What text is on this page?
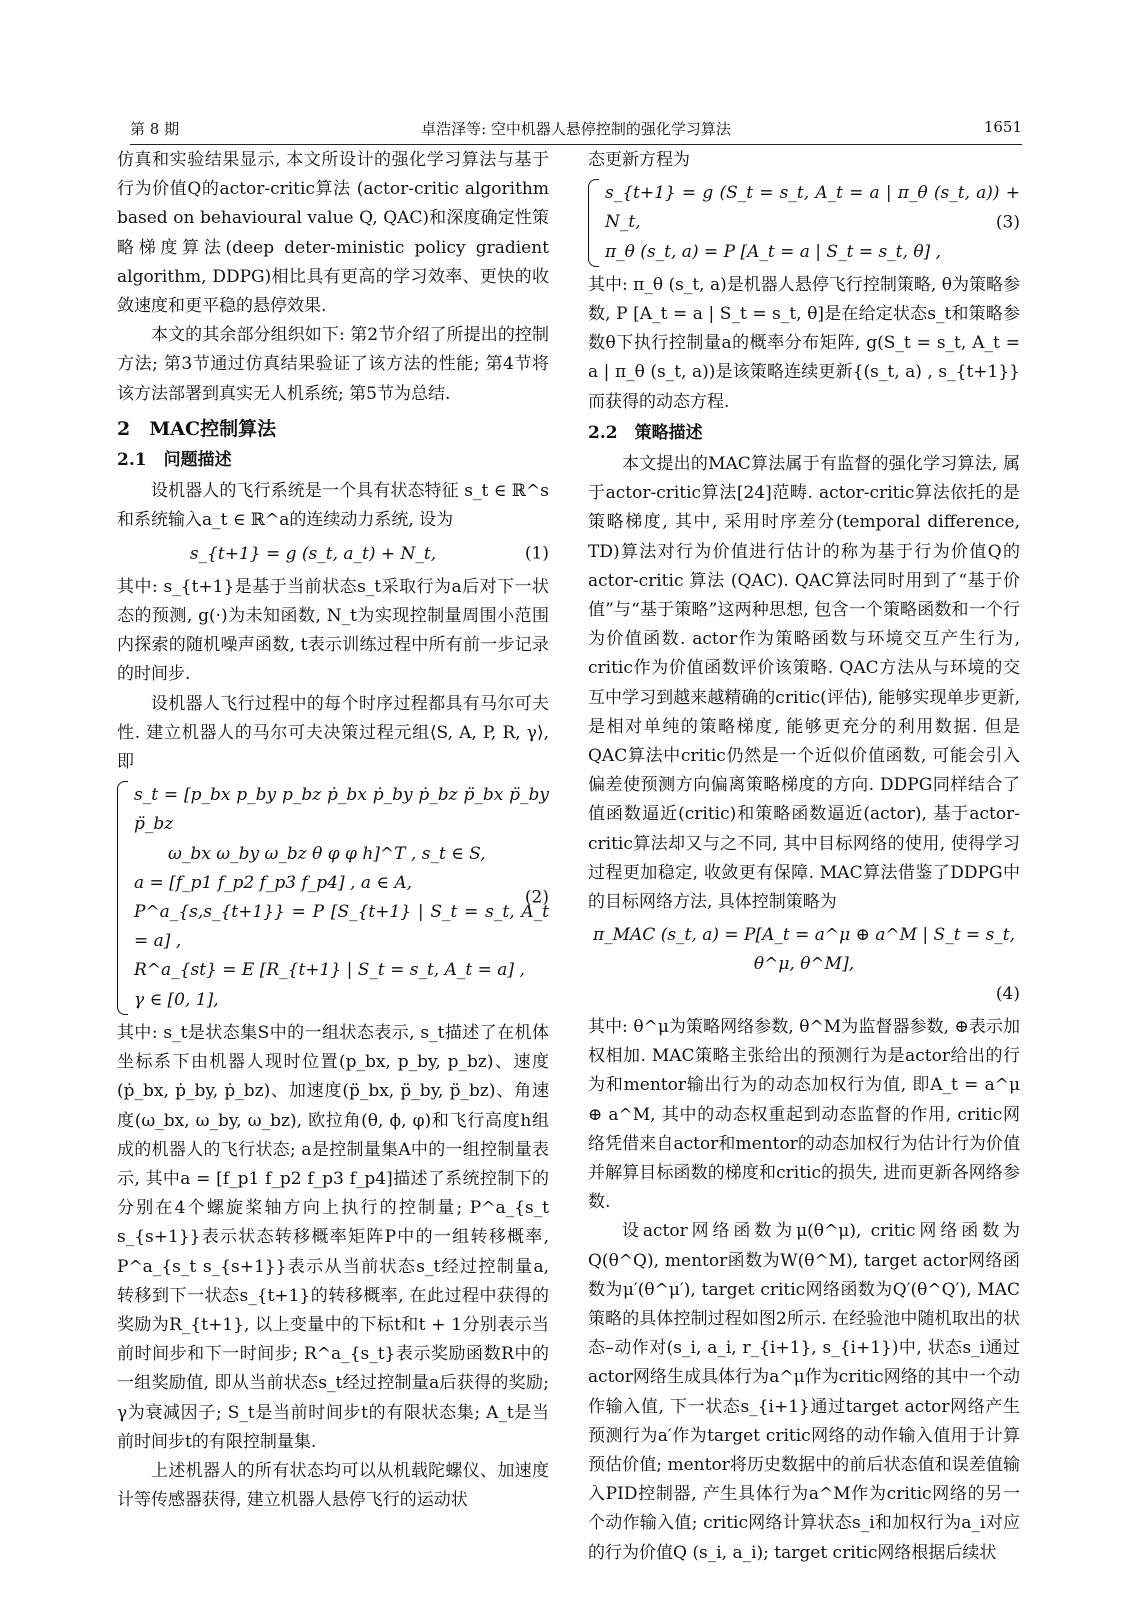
第 8 期	卓浩泽等: 空中机器人悬停控制的强化学习算法	1651

仿真和实验结果显示, 本文所设计的强化学习算法与基于行为价值Q的actor-critic算法 (actor-critic algorithm based on behavioural value Q, QAC)和深度确定性策略梯度算法(deep deter-ministic policy gradient algorithm, DDPG)相比具有更高的学习效率、更快的收敛速度和更平稳的悬停效果.

本文的其余部分组织如下: 第2节介绍了所提出的控制方法; 第3节通过仿真结果验证了该方法的性能; 第4节将该方法部署到真实无人机系统; 第5节为总结.

2　MAC控制算法
2.1　问题描述

设机器人的飞行系统是一个具有状态特征 s_t ∈ ℝ^s和系统输入a_t ∈ ℝ^a的连续动力系统, 设为

s_{t+1} = g (s_t, a_t) + N_t,	(1)

其中: s_{t+1}是基于当前状态s_t采取行为a后对下一状态的预测, g(·)为未知函数, N_t为实现控制量周围小范围内探索的随机噪声函数, t表示训练过程中所有前一步记录的时间步.

设机器人飞行过程中的每个时序过程都具有马尔可夫性. 建立机器人的马尔可夫决策过程元组⟨S, A, P, R, γ⟩, 即

s_t = [p_bx p_by p_bz ṗ_bx ṗ_by ṗ_bz p̈_bx p̈_by p̈_bz
　　ω_bx ω_by ω_bz θ φ φ h]^T , s_t ∈ S,
a = [f_p1 f_p2 f_p3 f_p4] , a ∈ A,
P^a_{s,s_{t+1}} = P [S_{t+1} | S_t = s_t, A_t = a] ,
R^a_{st} = E [R_{t+1} | S_t = s_t, A_t = a] ,
γ ∈ [0, 1],
(2)

其中: s_t是状态集S中的一组状态表示, s_t描述了在机体坐标系下由机器人现时位置(p_bx, p_by, p_bz)、速度(ṗ_bx, ṗ_by, ṗ_bz)、加速度(p̈_bx, p̈_by, p̈_bz)、角速度(ω_bx, ω_by, ω_bz), 欧拉角(θ, ϕ, φ)和飞行高度h组成的机器人的飞行状态; a是控制量集A中的一组控制量表示, 其中a = [f_p1 f_p2 f_p3 f_p4]描述了系统控制下的分别在4个螺旋桨轴方向上执行的控制量; P^a_{s_t s_{s+1}}表示状态转移概率矩阵P中的一组转移概率, P^a_{s_t s_{s+1}}表示从当前状态s_t经过控制量a, 转移到下一状态s_{t+1}的转移概率, 在此过程中获得的奖励为R_{t+1}, 以上变量中的下标t和t + 1分别表示当前时间步和下一时间步; R^a_{s_t}表示奖励函数R中的一组奖励值, 即从当前状态s_t经过控制量a后获得的奖励; γ为衰减因子; S_t是当前时间步t的有限状态集; A_t是当前时间步t的有限控制量集.

上述机器人的所有状态均可以从机载陀螺仪、加速度计等传感器获得, 建立机器人悬停飞行的运动状

态更新方程为

s_{t+1} = g (S_t = s_t, A_t = a | π_θ (s_t, a)) + N_t,
π_θ (s_t, a) = P [A_t = a | S_t = s_t, θ] ,
(3)

其中: π_θ (s_t, a)是机器人悬停飞行控制策略, θ为策略参数, P [A_t = a | S_t = s_t, θ]是在给定状态s_t和策略参数θ下执行控制量a的概率分布矩阵, g(S_t = s_t, A_t = a | π_θ (s_t, a))是该策略连续更新{(s_t, a) , s_{t+1}}而获得的动态方程.

2.2　策略描述

本文提出的MAC算法属于有监督的强化学习算法, 属于actor-critic算法[24]范畴. actor-critic算法依托的是策略梯度, 其中, 采用时序差分(temporal difference, TD)算法对行为价值进行估计的称为基于行为价值Q的actor-critic 算法 (QAC). QAC算法同时用到了“基于价值”与“基于策略”这两种思想, 包含一个策略函数和一个行为价值函数. actor作为策略函数与环境交互产生行为, critic作为价值函数评价该策略. QAC方法从与环境的交互中学习到越来越精确的critic(评估), 能够实现单步更新, 是相对单纯的策略梯度, 能够更充分的利用数据. 但是QAC算法中critic仍然是一个近似价值函数, 可能会引入偏差使预测方向偏离策略梯度的方向. DDPG同样结合了值函数逼近(critic)和策略函数逼近(actor), 基于actor-critic算法却又与之不同, 其中目标网络的使用, 使得学习过程更加稳定, 收敛更有保障. MAC算法借鉴了DDPG中的目标网络方法, 具体控制策略为

π_MAC (s_t, a) = P[A_t = a^μ ⊕ a^M | S_t = s_t, θ^μ, θ^M],
(4)

其中: θ^μ为策略网络参数, θ^M为监督器参数, ⊕表示加权相加. MAC策略主张给出的预测行为是actor给出的行为和mentor输出行为的动态加权行为值, 即A_t = a^μ ⊕ a^M, 其中的动态权重起到动态监督的作用, critic网络凭借来自actor和mentor的动态加权行为估计行为价值并解算目标函数的梯度和critic的损失, 进而更新各网络参数.

设actor网络函数为μ(θ^μ), critic网络函数为Q(θ^Q), mentor函数为W(θ^M), target actor网络函数为μ′(θ^μ′), target critic网络函数为Q′(θ^Q′), MAC策略的具体控制过程如图2所示. 在经验池中随机取出的状态–动作对(s_i, a_i, r_{i+1}, s_{i+1})中, 状态s_i通过actor网络生成具体行为a^μ作为critic网络的其中一个动作输入值, 下一状态s_{i+1}通过target actor网络产生预测行为a′作为target critic网络的动作输入值用于计算预估价值; mentor将历史数据中的前后状态值和误差值输入PID控制器, 产生具体行为a^M作为critic网络的另一个动作输入值; critic网络计算状态s_i和加权行为a_i对应的行为价值Q (s_i, a_i); target critic网络根据后续状
